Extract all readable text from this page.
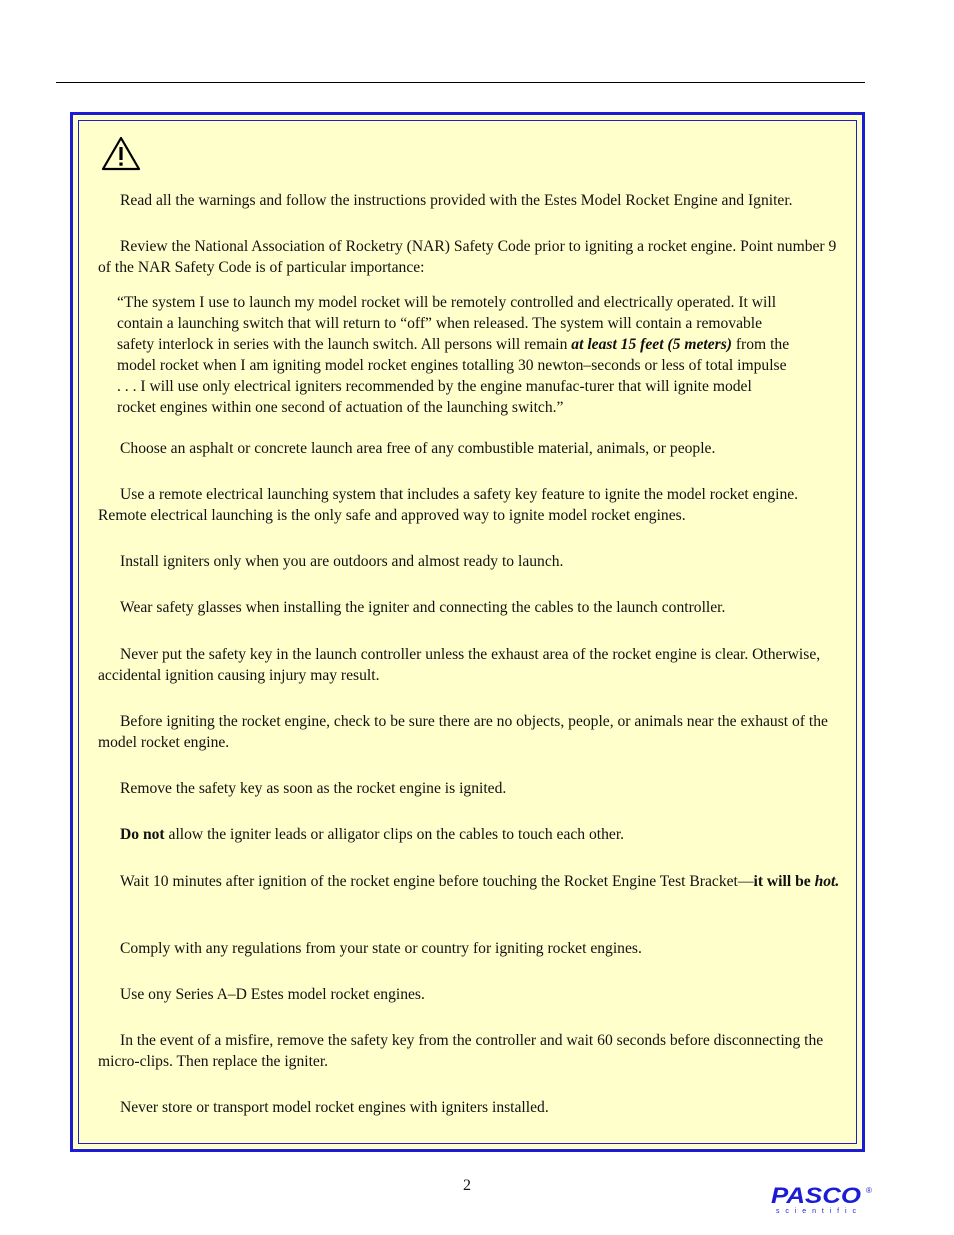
Read all the warnings and follow the instructions provided with the Estes Model Rocket Engine and Igniter.

Review the National Association of Rocketry (NAR) Safety Code prior to igniting a rocket engine. Point number 9 of the NAR Safety Code is of particular importance:

“The system I use to launch my model rocket will be remotely controlled and electrically operated. It will contain a launching switch that will return to “off” when released. The system will contain a removable safety interlock in series with the launch switch. All persons will remain at least 15 feet (5 meters) from the model rocket when I am igniting model rocket engines totalling 30 newton–seconds or less of total impulse . . . I will use only electrical igniters recommended by the engine manufac-turer that will ignite model rocket engines within one second of actuation of the launching switch.”

Choose an asphalt or concrete launch area free of any combustible material, animals, or people.

Use a remote electrical launching system that includes a safety key feature to ignite the model rocket engine. Remote electrical launching is the only safe and approved way to ignite model rocket engines.

Install igniters only when you are outdoors and almost ready to launch.

Wear safety glasses when installing the igniter and connecting the cables to the launch controller.

Never put the safety key in the launch controller unless the exhaust area of the rocket engine is clear. Otherwise, accidental ignition causing injury may result.

Before igniting the rocket engine, check to be sure there are no objects, people, or animals near the exhaust of the model rocket engine.

Remove the safety key as soon as the rocket engine is ignited.

Do not allow the igniter leads or alligator clips on the cables to touch each other.

Wait 10 minutes after ignition of the rocket engine before touching the Rocket Engine Test Bracket—it will be hot.

Comply with any regulations from your state or country for igniting rocket engines.

Use ony Series A–D Estes model rocket engines.

In the event of a misfire, remove the safety key from the controller and wait 60 seconds before disconnecting the micro-clips. Then replace the igniter.

Never store or transport model rocket engines with igniters installed.

2	PASCO ®
scientific
